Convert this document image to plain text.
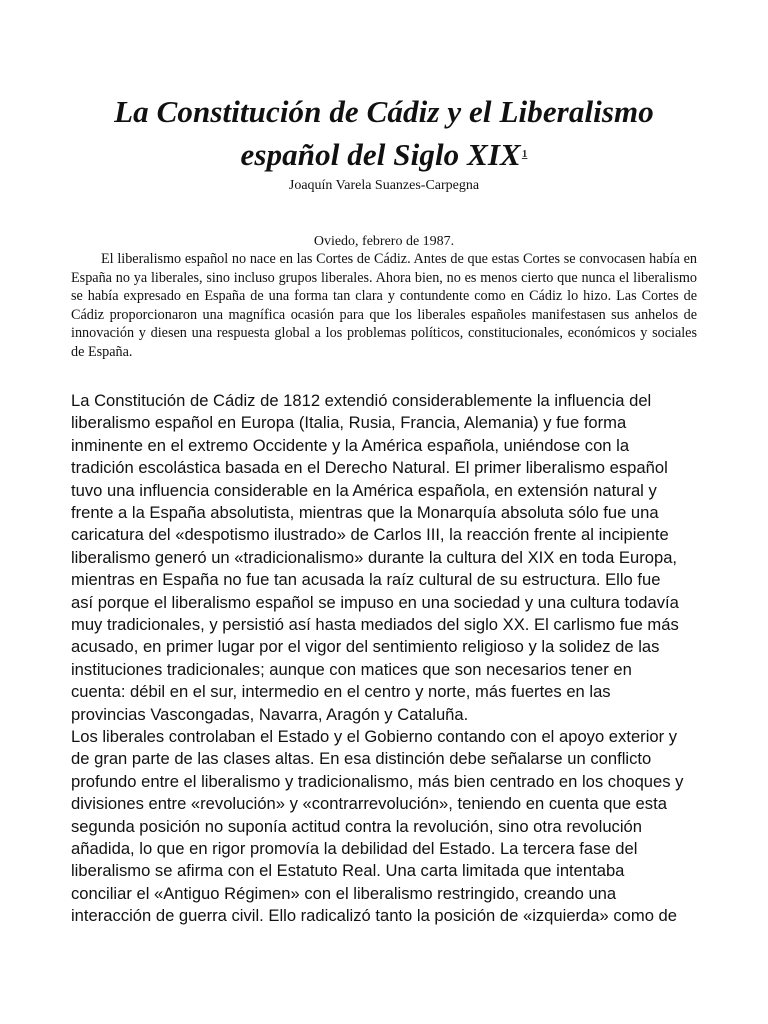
La Constitución de Cádiz y el Liberalismo
español del Siglo XIX$^1$
Joaquín Varela Suanzes-Carpegna
Oviedo, febrero de 1987.

El liberalismo español no nace en las Cortes de Cádiz. Antes de que estas Cortes se convocasen había en España no ya liberales, sino incluso grupos liberales. Ahora bien, no es menos cierto que nunca el liberalismo se había expresado en España de una forma tan clara y contundente como en Cádiz lo hizo. Las Cortes de Cádiz proporcionaron una magnífica ocasión para que los liberales españoles manifestasen sus anhelos de innovación y diesen una respuesta global a los problemas políticos, constitucionales, económicos y sociales de España.

La Constitución de Cádiz de 1812 extendió considerablemente la influencia del
liberalismo español en Europa (Italia, Rusia, Francia, Alemania) y fue forma
inminente en el extremo Occidente y la América española, uniéndose con la
tradición escolástica basada en el Derecho Natural. El primer liberalismo español
tuvo una influencia considerable en la América española, en extensión natural y
frente a la España absolutista, mientras que la Monarquía absoluta sólo fue una
caricatura del «despotismo ilustrado» de Carlos III, la reacción frente al incipiente
liberalismo generó un «tradicionalismo» durante la cultura del XIX en toda Europa,
mientras en España no fue tan acusada la raíz cultural de su estructura. Ello fue
así porque el liberalismo español se impuso en una sociedad y una cultura todavía
muy tradicionales, y persistió así hasta mediados del siglo XX. El carlismo fue más
acusado, en primer lugar por el vigor del sentimiento religioso y la solidez de las
instituciones tradicionales; aunque con matices que son necesarios tener en
cuenta: débil en el sur, intermedio en el centro y norte, más fuertes en las
provincias Vascongadas, Navarra, Aragón y Cataluña.
Los liberales controlaban el Estado y el Gobierno contando con el apoyo exterior y
de gran parte de las clases altas. En esa distinción debe señalarse un conflicto
profundo entre el liberalismo y tradicionalismo, más bien centrado en los choques y
divisiones entre «revolución» y «contrarrevolución», teniendo en cuenta que esta
segunda posición no suponía actitud contra la revolución, sino otra revolución
añadida, lo que en rigor promovía la debilidad del Estado. La tercera fase del
liberalismo se afirma con el Estatuto Real. Una carta limitada que intentaba
conciliar el «Antiguo Régimen» con el liberalismo restringido, creando una
interacción de guerra civil. Ello radicalizó tanto la posición de «izquierda» como de
